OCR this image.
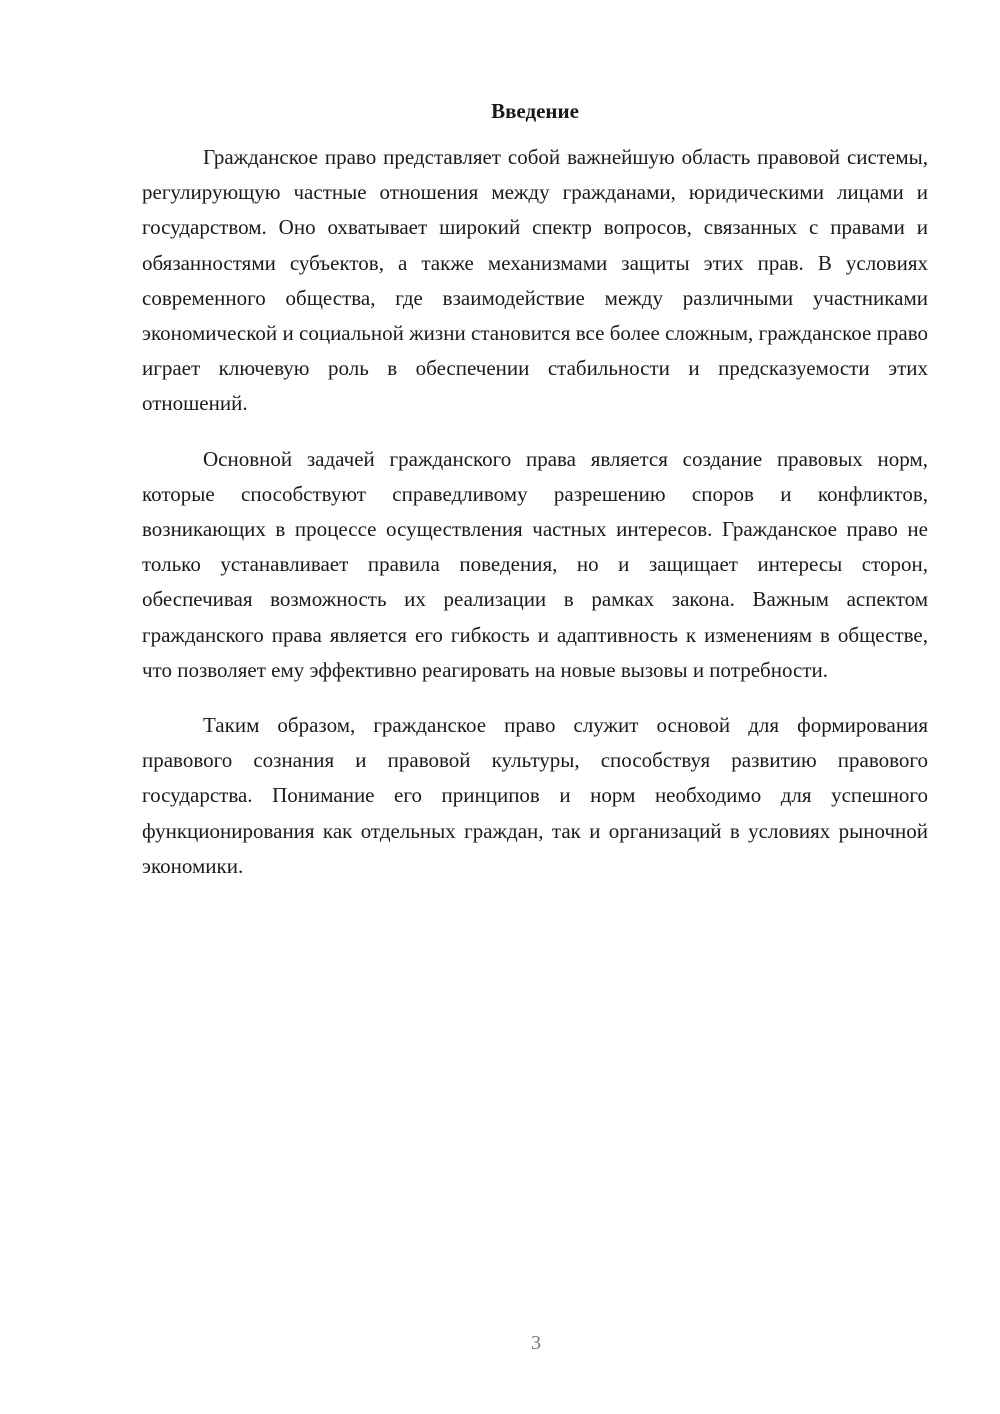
Введение

Гражданское право представляет собой важнейшую область правовой системы, регулирующую частные отношения между гражданами, юридическими лицами и государством. Оно охватывает широкий спектр вопросов, связанных с правами и обязанностями субъектов, а также механизмами защиты этих прав. В условиях современного общества, где взаимодействие между различными участниками экономической и социальной жизни становится все более сложным, гражданское право играет ключевую роль в обеспечении стабильности и предсказуемости этих отношений.

Основной задачей гражданского права является создание правовых норм, которые способствуют справедливому разрешению споров и конфликтов, возникающих в процессе осуществления частных интересов. Гражданское право не только устанавливает правила поведения, но и защищает интересы сторон, обеспечивая возможность их реализации в рамках закона. Важным аспектом гражданского права является его гибкость и адаптивность к изменениям в обществе, что позволяет ему эффективно реагировать на новые вызовы и потребности.

Таким образом, гражданское право служит основой для формирования правового сознания и правовой культуры, способствуя развитию правового государства. Понимание его принципов и норм необходимо для успешного функционирования как отдельных граждан, так и организаций в условиях рыночной экономики.

3
